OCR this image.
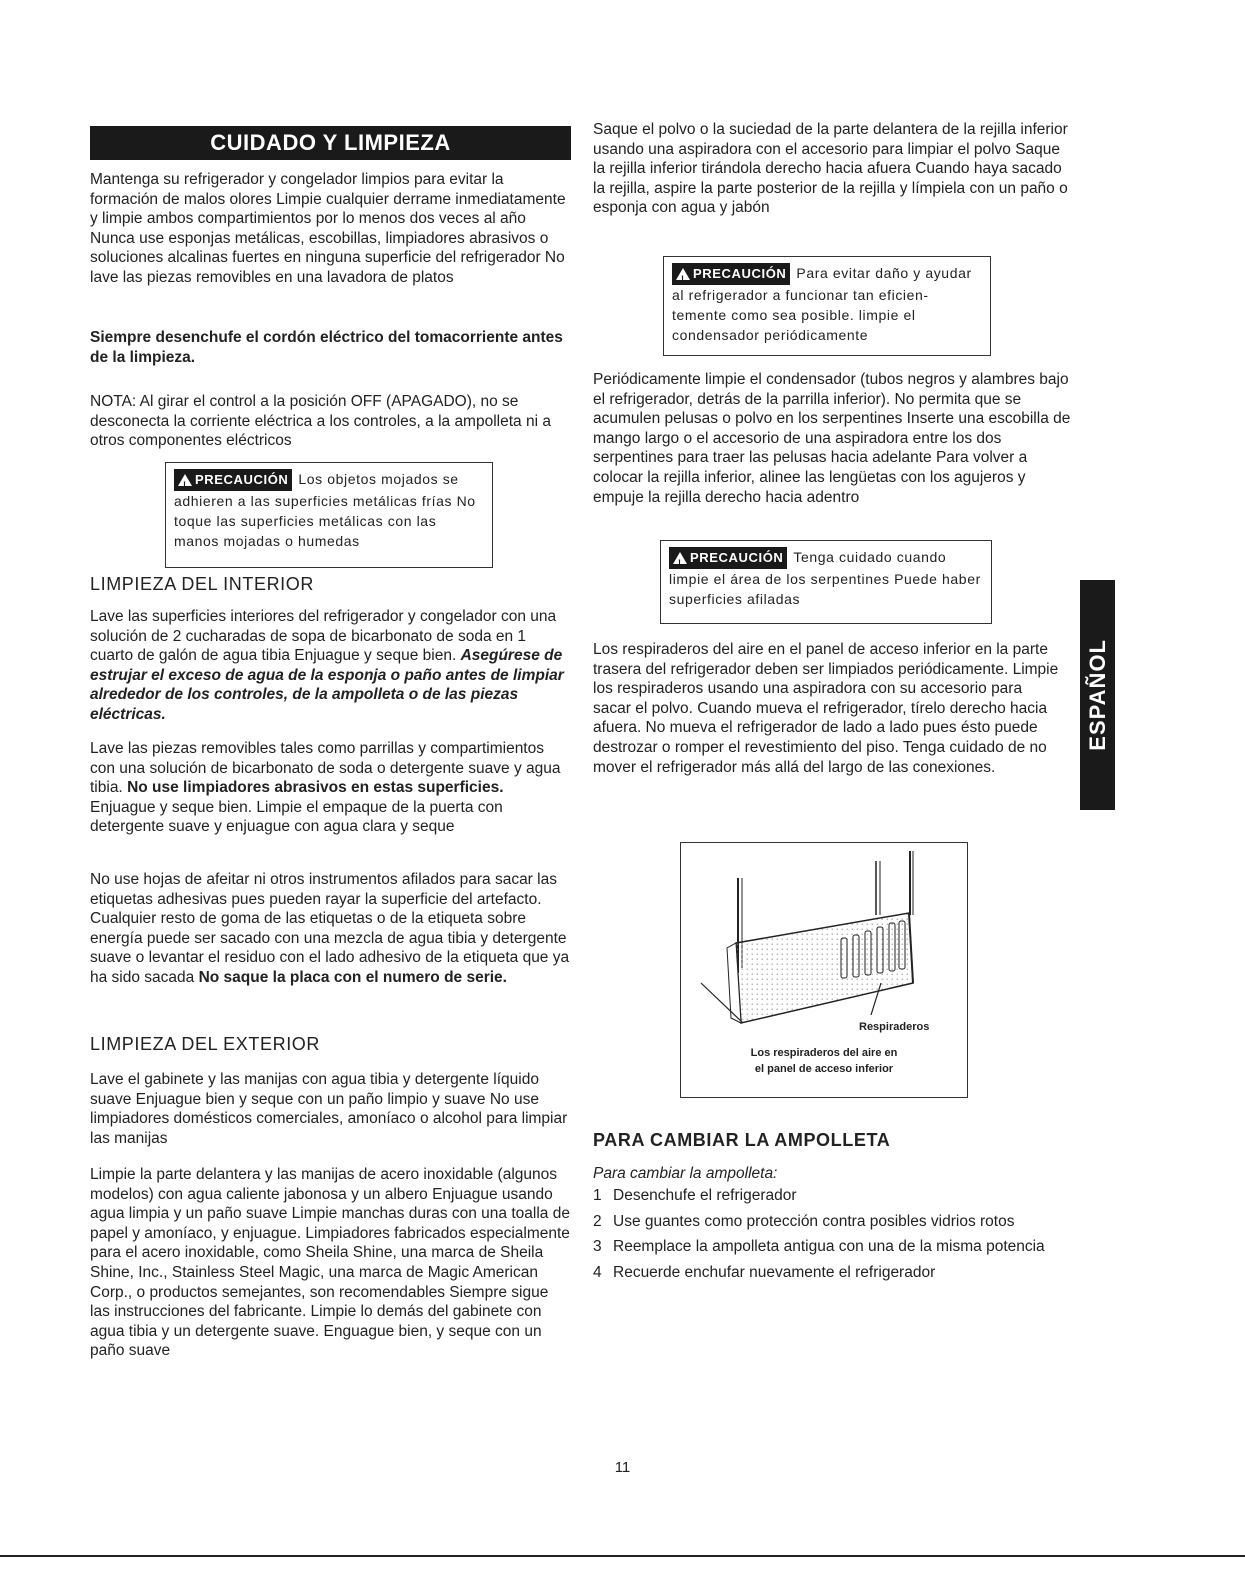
CUIDADO Y LIMPIEZA

Mantenga su refrigerador y congelador limpios para evitar la formación de malos olores Limpie cualquier derrame inmediatamente y limpie ambos compartimientos por lo menos dos veces al año Nunca use esponjas metálicas, escobillas, limpiadores abrasivos o soluciones alcalinas fuertes en ninguna superficie del refrigerador No lave las piezas removibles en una lavadora de platos

Siempre desenchufe el cordón eléctrico del tomacorriente antes de la limpieza.

NOTA: Al girar el control a la posición OFF (APAGADO), no se desconecta la corriente eléctrica a los controles, a la ampolleta ni a otros componentes eléctricos

!
PRECAUCIÓN Los objetos mojados se adhieren a las superficies metálicas frías No toque las superficies metálicas con las manos mojadas o humedas
LIMPIEZA DEL INTERIOR

Lave las superficies interiores del refrigerador y congelador con una solución de 2 cucharadas de sopa de bicarbonato de soda en 1 cuarto de galón de agua tibia Enjuague y seque bien. Asegúrese de estrujar el exceso de agua de la esponja o paño antes de limpiar alrededor de los controles, de la ampolleta o de las piezas eléctricas.

Lave las piezas removibles tales como parrillas y compartimientos con una solución de bicarbonato de soda o detergente suave y agua tibia. No use limpiadores abrasivos en estas superficies. Enjuague y seque bien. Limpie el empaque de la puerta con detergente suave y enjuague con agua clara y seque

No use hojas de afeitar ni otros instrumentos afilados para sacar las etiquetas adhesivas pues pueden rayar la superficie del artefacto. Cualquier resto de goma de las etiquetas o de la etiqueta sobre energía puede ser sacado con una mezcla de agua tibia y detergente suave o levantar el residuo con el lado adhesivo de la etiqueta que ya ha sido sacada No saque la placa con el numero de serie.

LIMPIEZA DEL EXTERIOR

Lave el gabinete y las manijas con agua tibia y detergente líquido suave Enjuague bien y seque con un paño limpio y suave No use limpiadores domésticos comerciales, amoníaco o alcohol para limpiar las manijas

Limpie la parte delantera y las manijas de acero inoxidable (algunos modelos) con agua caliente jabonosa y un albero Enjuague usando agua limpia y un paño suave Limpie manchas duras con una toalla de papel y amoníaco, y enjuague. Limpiadores fabricados especialmente para el acero inoxidable, como Sheila Shine, una marca de Sheila Shine, Inc., Stainless Steel Magic, una marca de Magic American Corp., o productos semejantes, son recomendables Siempre sigue las instrucciones del fabricante. Limpie lo demás del gabinete con agua tibia y un detergente suave. Enguague bien, y seque con un paño suave

Saque el polvo o la suciedad de la parte delantera de la rejilla inferior usando una aspiradora con el accesorio para limpiar el polvo Saque la rejilla inferior tirándola derecho hacia afuera Cuando haya sacado la rejilla, aspire la parte posterior de la rejilla y límpiela con un paño o esponja con agua y jabón

!
PRECAUCIÓN Para evitar daño y ayudar al refrigerador a funcionar tan eficien-temente como sea posible. limpie el condensador periódicamente

Periódicamente limpie el condensador (tubos negros y alambres bajo el refrigerador, detrás de la parrilla inferior). No permita que se acumulen pelusas o polvo en los serpentines Inserte una escobilla de mango largo o el accesorio de una aspiradora entre los dos serpentines para traer las pelusas hacia adelante Para volver a colocar la rejilla inferior, alinee las lengüetas con los agujeros y empuje la rejilla derecho hacia adentro

!
PRECAUCIÓN Tenga cuidado cuando limpie el área de los serpentines Puede haber superficies afiladas

Los respiraderos del aire en el panel de acceso inferior en la parte trasera del refrigerador deben ser limpiados periódicamente. Limpie los respiraderos usando una aspiradora con su accesorio para sacar el polvo. Cuando mueva el refrigerador, tírelo derecho hacia afuera. No mueva el refrigerador de lado a lado pues ésto puede destrozar o romper el revestimiento del piso. Tenga cuidado de no mover el refrigerador más allá del largo de las conexiones.

Respiraderos
Los respiraderos del aire en
el panel de acceso inferior
PARA CAMBIAR LA AMPOLLETA

Para cambiar la ampolleta:

1 Desenchufe el refrigerador
2 Use guantes como protección contra posibles vidrios rotos
3 Reemplace la ampolleta antigua con una de la misma potencia
4 Recuerde enchufar nuevamente el refrigerador
ESPAÑOL
11
